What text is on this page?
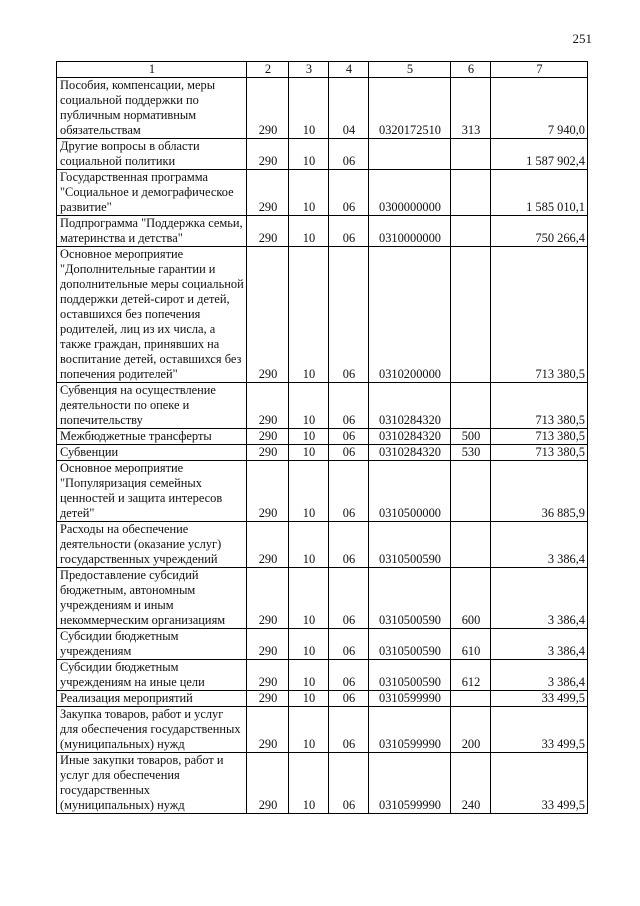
251
1	2	3	4	5	6	7
Пособия, компенсации, меры социальной поддержки по публичным нормативным обязательствам	290	10	04	0320172510	313	7 940,0
Другие вопросы в области социальной политики	290	10	06			1 587 902,4
Государственная программа "Социальное и демографическое развитие"	290	10	06	0300000000		1 585 010,1
Подпрограмма "Поддержка семьи, материнства и детства"	290	10	06	0310000000		750 266,4
Основное мероприятие "Дополнительные гарантии и дополнительные меры социальной поддержки детей-сирот и детей, оставшихся без попечения родителей, лиц из их числа, а также граждан, принявших на воспитание детей, оставшихся без попечения родителей"	290	10	06	0310200000		713 380,5
Субвенция на осуществление деятельности по опеке и попечительству	290	10	06	0310284320		713 380,5
Межбюджетные трансферты	290	10	06	0310284320	500	713 380,5
Субвенции	290	10	06	0310284320	530	713 380,5
Основное мероприятие "Популяризация семейных ценностей и защита интересов детей"	290	10	06	0310500000		36 885,9
Расходы на обеспечение деятельности (оказание услуг) государственных учреждений	290	10	06	0310500590		3 386,4
Предоставление субсидий бюджетным, автономным учреждениям и иным некоммерческим организациям	290	10	06	0310500590	600	3 386,4
Субсидии бюджетным учреждениям	290	10	06	0310500590	610	3 386,4
Субсидии бюджетным учреждениям на иные цели	290	10	06	0310500590	612	3 386,4
Реализация мероприятий	290	10	06	0310599990		33 499,5
Закупка товаров, работ и услуг для обеспечения государственных (муниципальных) нужд	290	10	06	0310599990	200	33 499,5
Иные закупки товаров, работ и услуг для обеспечения государственных (муниципальных) нужд	290	10	06	0310599990	240	33 499,5
